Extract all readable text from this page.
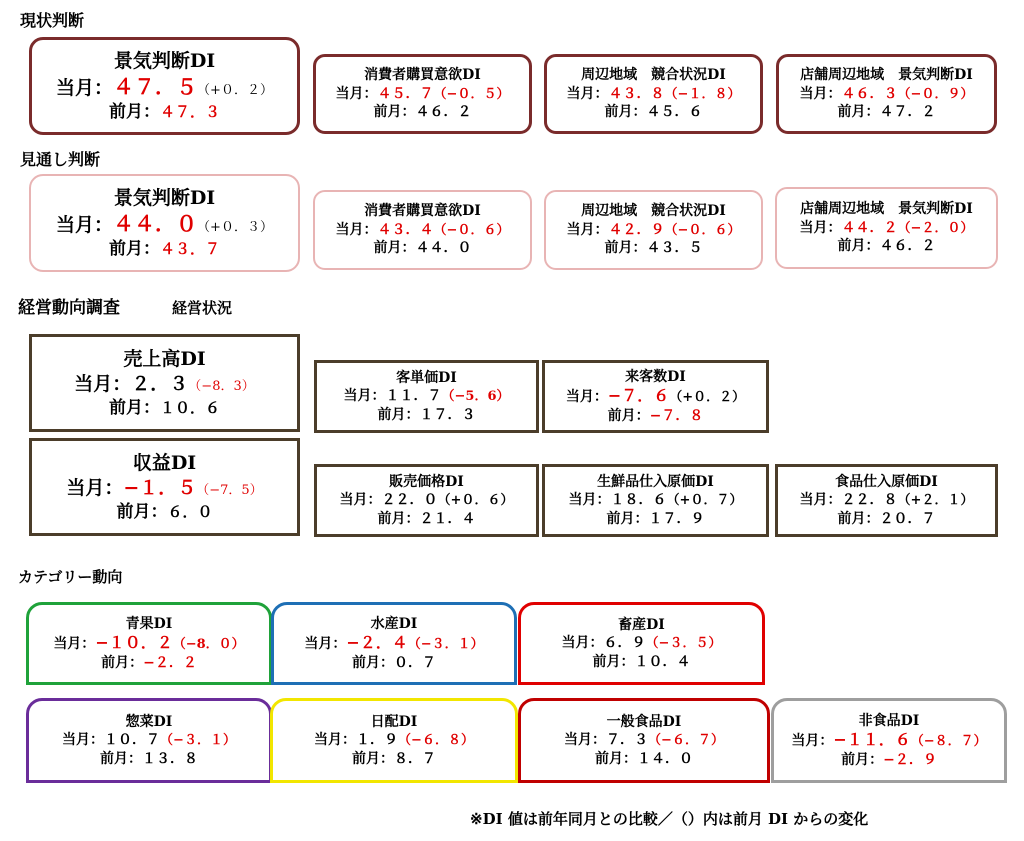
現状判断
見通し判断
経営動向調査	経営状況
カテゴリー動向
景気判断DI
当月：４７．５（+０．２）
前月：４７．３
消費者購買意欲DI
当月：４５．７（−０．５）
前月：４６．２
周辺地域　競合状況DI
当月：４３．８（−１．８）
前月：４５．６
店舗周辺地域　景気判断DI
当月：４６．３（−０．９）
前月：４７．２
景気判断DI
当月：４４．０（+０．３）
前月：４３．７
消費者購買意欲DI
当月：４３．４（−０．６）
前月：４４．０
周辺地域　競合状況DI
当月：４２．９（−０．６）
前月：４３．５
店舗周辺地域　景気判断DI
当月：４４．２（−２．０）
前月：４６．２
売上高DI
当月：２．３（−8．3）
前月：１０．６
客単価DI
当月：１１．７（−5．6）
前月：１７．３
来客数DI
当月：−７．６（+０．２）
前月：−７．８
収益DI
当月：−１．５（−7．5）
前月：６．０
販売価格DI
当月：２２．０（+０．６）
前月：２１．４
生鮮品仕入原価DI
当月：１８．６（+０．７）
前月：１７．９
食品仕入原価DI
当月：２２．８（+２．１）
前月：２０．７
青果DI
当月：−１０．２（−8．０）
前月：−２．２
水産DI
当月：−２．４（−３．１）
前月：０．７
畜産DI
当月：６．９（−３．５）
前月：１０．４
惣菜DI
当月：１０．７（−３．１）
前月：１３．８
日配DI
当月：１．９（−６．８）
前月：８．７
一般食品DI
当月：７．３（−６．７）
前月：１４．０
非食品DI
当月：−１１．６（−８．７）
前月：−２．９
※DI 値は前年同月との比較／（）内は前月 DI からの変化
